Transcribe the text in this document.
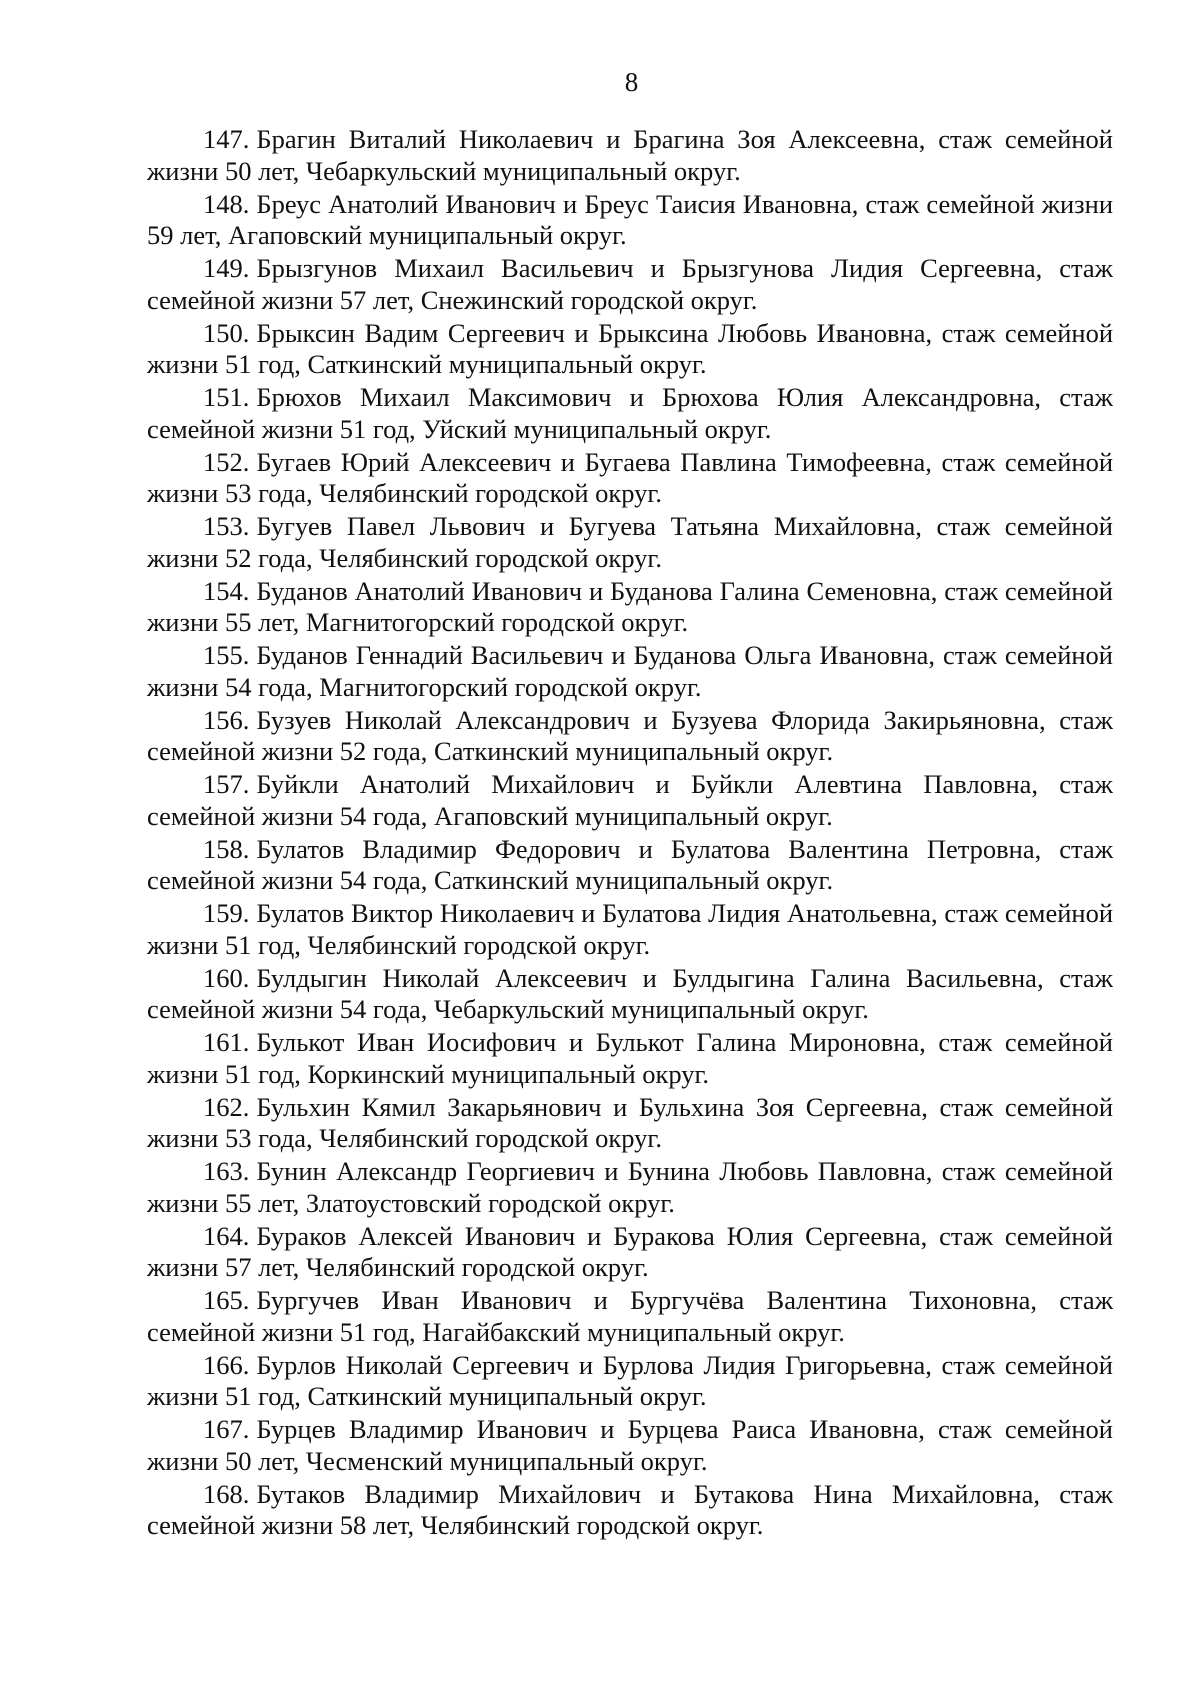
8

147. Брагин Виталий Николаевич и Брагина Зоя Алексеевна, стаж семейной жизни 50 лет, Чебаркульский муниципальный округ.

148. Бреус Анатолий Иванович и Бреус Таисия Ивановна, стаж семейной жизни 59 лет, Агаповский муниципальный округ.

149. Брызгунов Михаил Васильевич и Брызгунова Лидия Сергеевна, стаж семейной жизни 57 лет, Снежинский городской округ.

150. Брыксин Вадим Сергеевич и Брыксина Любовь Ивановна, стаж семейной жизни 51 год, Саткинский муниципальный округ.

151. Брюхов Михаил Максимович и Брюхова Юлия Александровна, стаж семейной жизни 51 год, Уйский муниципальный округ.

152. Бугаев Юрий Алексеевич и Бугаева Павлина Тимофеевна, стаж семейной жизни 53 года, Челябинский городской округ.

153. Бугуев Павел Львович и Бугуева Татьяна Михайловна, стаж семейной жизни 52 года, Челябинский городской округ.

154. Буданов Анатолий Иванович и Буданова Галина Семеновна, стаж семейной жизни 55 лет, Магнитогорский городской округ.

155. Буданов Геннадий Васильевич и Буданова Ольга Ивановна, стаж семейной жизни 54 года, Магнитогорский городской округ.

156. Бузуев Николай Александрович и Бузуева Флорида Закирьяновна, стаж семейной жизни 52 года, Саткинский муниципальный округ.

157. Буйкли Анатолий Михайлович и Буйкли Алевтина Павловна, стаж семейной жизни 54 года, Агаповский муниципальный округ.

158. Булатов Владимир Федорович и Булатова Валентина Петровна, стаж семейной жизни 54 года, Саткинский муниципальный округ.

159. Булатов Виктор Николаевич и Булатова Лидия Анатольевна, стаж семейной жизни 51 год, Челябинский городской округ.

160. Булдыгин Николай Алексеевич и Булдыгина Галина Васильевна, стаж семейной жизни 54 года, Чебаркульский муниципальный округ.

161. Булькот Иван Иосифович и Булькот Галина Мироновна, стаж семейной жизни 51 год, Коркинский муниципальный округ.

162. Бульхин Кямил Закарьянович и Бульхина Зоя Сергеевна, стаж семейной жизни 53 года, Челябинский городской округ.

163. Бунин Александр Георгиевич и Бунина Любовь Павловна, стаж семейной жизни 55 лет, Златоустовский городской округ.

164. Бураков Алексей Иванович и Буракова Юлия Сергеевна, стаж семейной жизни 57 лет, Челябинский городской округ.

165. Бургучев Иван Иванович и Бургучёва Валентина Тихоновна, стаж семейной жизни 51 год, Нагайбакский муниципальный округ.

166. Бурлов Николай Сергеевич и Бурлова Лидия Григорьевна, стаж семейной жизни 51 год, Саткинский муниципальный округ.

167. Бурцев Владимир Иванович и Бурцева Раиса Ивановна, стаж семейной жизни 50 лет, Чесменский муниципальный округ.

168. Бутаков Владимир Михайлович и Бутакова Нина Михайловна, стаж семейной жизни 58 лет, Челябинский городской округ.
